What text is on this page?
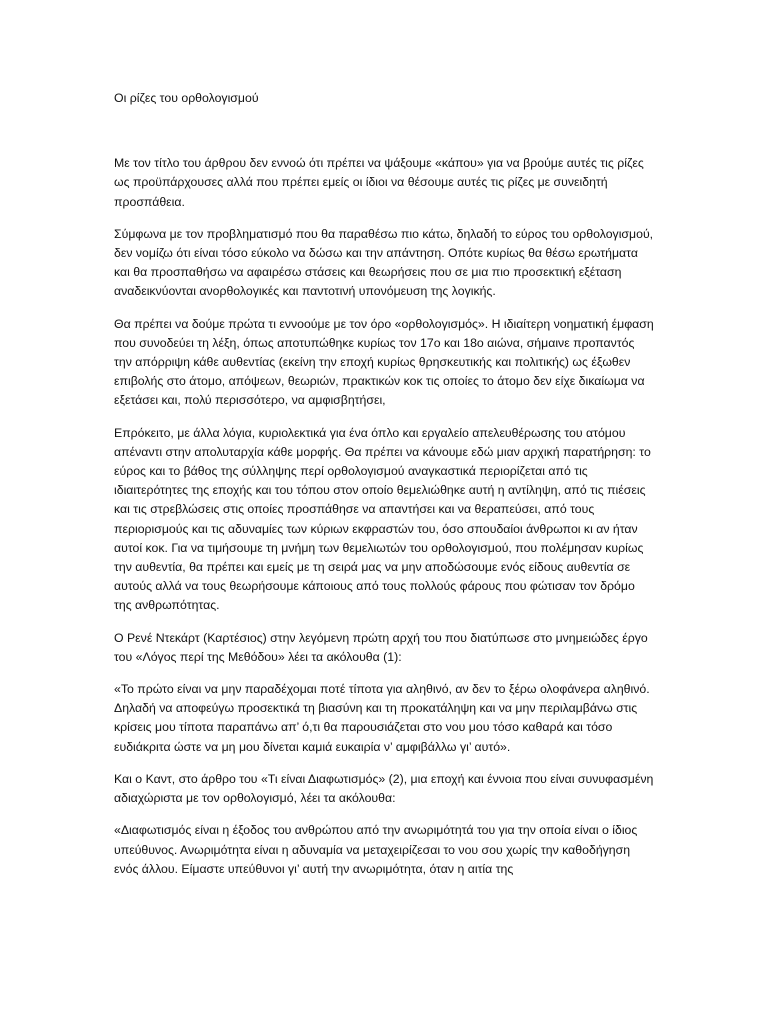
Οι ρίζες του ορθολογισμού

Με τον τίτλο του άρθρου δεν εννοώ ότι πρέπει να ψάξουμε «κάπου» για να βρούμε αυτές τις ρίζες ως προϋπάρχουσες αλλά που πρέπει εμείς οι ίδιοι να θέσουμε αυτές τις ρίζες με συνειδητή προσπάθεια.

Σύμφωνα με τον προβληματισμό που θα παραθέσω πιο κάτω, δηλαδή το εύρος του ορθολογισμού, δεν νομίζω ότι είναι τόσο εύκολο να δώσω και την απάντηση. Οπότε κυρίως θα θέσω ερωτήματα και θα προσπαθήσω να αφαιρέσω στάσεις και θεωρήσεις που σε μια πιο προσεκτική εξέταση αναδεικνύονται ανορθολογικές και παντοτινή υπονόμευση της λογικής.

Θα πρέπει να δούμε πρώτα τι εννοούμε με τον όρο «ορθολογισμός». Η ιδιαίτερη νοηματική έμφαση που συνοδεύει τη λέξη, όπως αποτυπώθηκε κυρίως τον 17ο και 18ο αιώνα, σήμαινε προπαντός την απόρριψη κάθε αυθεντίας (εκείνη την εποχή κυρίως θρησκευτικής και πολιτικής) ως έξωθεν επιβολής στο άτομο, απόψεων, θεωριών, πρακτικών κοκ τις οποίες το άτομο δεν είχε δικαίωμα να εξετάσει και, πολύ περισσότερο, να αμφισβητήσει,

Επρόκειτο, με άλλα λόγια, κυριολεκτικά για ένα όπλο και εργαλείο απελευθέρωσης του ατόμου απέναντι στην απολυταρχία κάθε μορφής. Θα πρέπει να κάνουμε εδώ μιαν αρχική παρατήρηση: το εύρος και το βάθος της σύλληψης περί ορθολογισμού αναγκαστικά περιορίζεται από τις ιδιαιτερότητες της εποχής και του τόπου στον οποίο θεμελιώθηκε αυτή η αντίληψη, από τις πιέσεις και τις στρεβλώσεις στις οποίες προσπάθησε να απαντήσει και να θεραπεύσει, από τους περιορισμούς και τις αδυναμίες των κύριων εκφραστών του, όσο σπουδαίοι άνθρωποι κι αν ήταν αυτοί κοκ. Για να τιμήσουμε τη μνήμη των θεμελιωτών του ορθολογισμού, που πολέμησαν κυρίως την αυθεντία, θα πρέπει και εμείς με τη σειρά μας να μην αποδώσουμε ενός είδους αυθεντία σε αυτούς αλλά να τους θεωρήσουμε κάποιους από τους πολλούς φάρους που φώτισαν τον δρόμο της ανθρωπότητας.

Ο Ρενέ Ντεκάρτ (Καρτέσιος) στην λεγόμενη πρώτη αρχή του που διατύπωσε στο μνημειώδες έργο του «Λόγος περί της Μεθόδου» λέει τα ακόλουθα (1):

«Το πρώτο είναι να μην παραδέχομαι ποτέ τίποτα για αληθινό, αν δεν το ξέρω ολοφάνερα αληθινό. Δηλαδή να αποφεύγω προσεκτικά τη βιασύνη και τη προκατάληψη και να μην περιλαμβάνω στις κρίσεις μου τίποτα παραπάνω απ’ ό,τι θα παρουσιάζεται στο νου μου τόσο καθαρά και τόσο ευδιάκριτα ώστε να μη μου δίνεται καμιά ευκαιρία ν’ αμφιβάλλω γι’ αυτό».

Και ο Καντ, στο άρθρο του «Τι είναι Διαφωτισμός» (2), μια εποχή και έννοια που είναι συνυφασμένη αδιαχώριστα με τον ορθολογισμό, λέει τα ακόλουθα:

«Διαφωτισμός είναι η έξοδος του ανθρώπου από την ανωριμότητά του για την οποία είναι ο ίδιος υπεύθυνος. Ανωριμότητα είναι η αδυναμία να μεταχειρίζεσαι το νου σου χωρίς την καθοδήγηση ενός άλλου. Είμαστε υπεύθυνοι γι’ αυτή την ανωριμότητα, όταν η αιτία της
